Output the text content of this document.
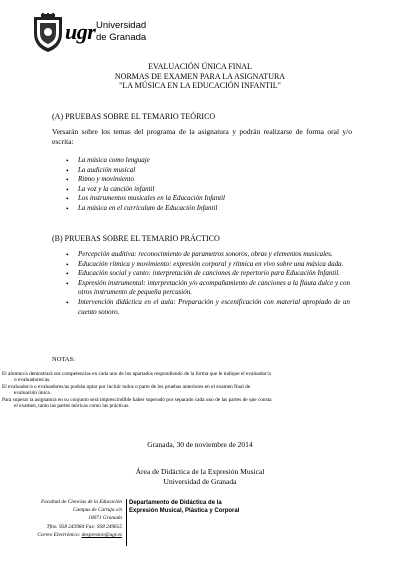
ugr Universidad
de Granada
EVALUACIÓN ÚNICA FINAL
NORMAS DE EXAMEN PARA LA ASIGNATURA
"LA MÚSICA EN LA EDUCACIÓN INFANTIL"
(A) PRUEBAS SOBRE EL TEMARIO TEÓRICO
Versarán sobre los temas del programa de la asignatura y podrán realizarse de forma oral y/o escrita:
• La música como lenguaje
• La audición musical
• Ritmo y movimiento
• La voz y la canción infantil
• Los instrumentos musicales en la Educación Infantil
• La música en el currículum de Educación Infantil
(B) PRUEBAS SOBRE EL TEMARIO PRÁCTICO
• Percepción auditiva: reconocimiento de parametros sonoros, obras y elementos musicales.
• Educación rítmica y movimiento: expresión corporal y rítmica en vivo sobre una música dada.
• Educación social y canto: interpretación de canciones de repertorio para Educación Infantil.
• Expresión instrumental: interpretación y/o acompañamiento de canciones a la flauta dulce y con otros instrumento de pequeña percusión.
• Intervención didáctica en el aula: Preparación y escenificación con material apropiado de un cuento sonoro.
NOTAS:
El alumno/a demostrará sus competencias en cada uno de los apartados respondiendo de la forma que le indique el evaluador/a
o evaluadores/as.
El evaluador/a o evaluadores/as podrán optar por incluir todos o parte de los pruebas anteriores en el examen final de
evaluación única.
Para superar la asignatura en su conjunto será imprescindible haber superado por separado cada uno de las partes de que consta
el examen, tanto las partes teóricas como las prácticas.
Granada, 30 de noviembre de 2014
Área de Didáctica de la Expresión Musical
Universidad de Granada
Facultad de Ciencias de la Educación
Campus de Cartuja s/n
18071 Granada
Tfno. 958 243984 Fax: 958 249655
Correo Electrónico: dexpresion@ugr.es
Departamento de Didáctica de la
Expresión Musical, Plástica y Corporal
